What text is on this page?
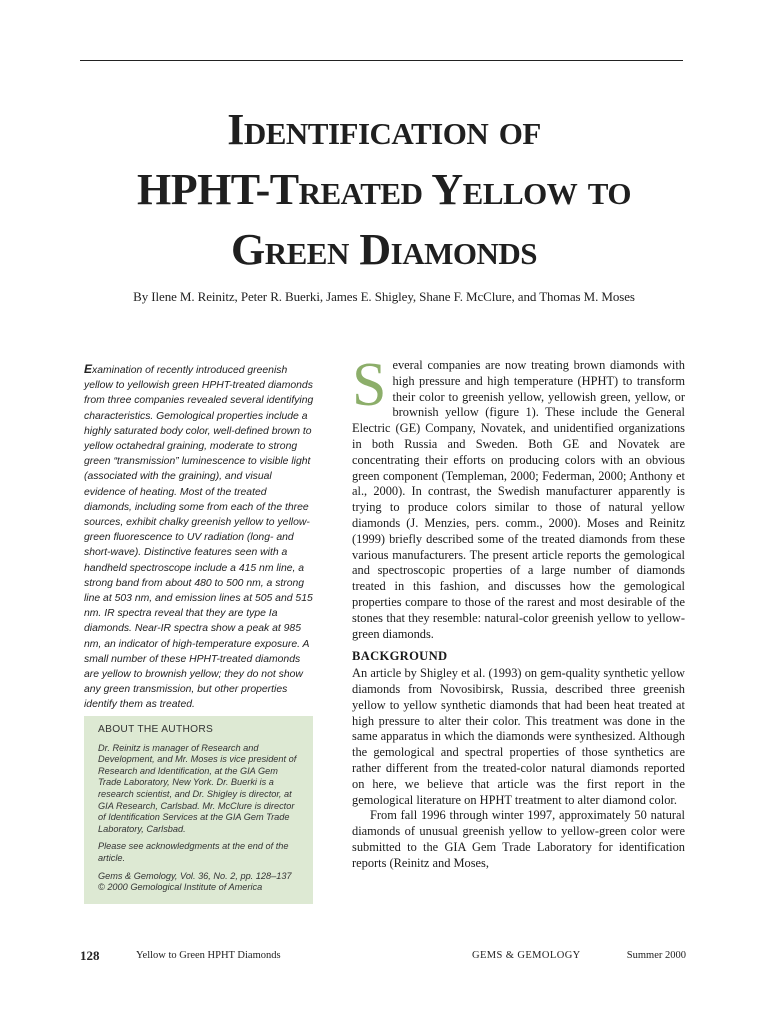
Identification of
HPHT-Treated Yellow to
Green Diamonds
By Ilene M. Reinitz, Peter R. Buerki, James E. Shigley, Shane F. McClure, and Thomas M. Moses
Examination of recently introduced greenish yellow to yellowish green HPHT-treated diamonds from three companies revealed several identifying characteristics. Gemological properties include a highly saturated body color, well-defined brown to yellow octahedral graining, moderate to strong green “transmission” luminescence to visible light (associated with the graining), and visual evidence of heating. Most of the treated diamonds, including some from each of the three sources, exhibit chalky greenish yellow to yellow-green fluorescence to UV radiation (long- and short-wave). Distinctive features seen with a handheld spectroscope include a 415 nm line, a strong band from about 480 to 500 nm, a strong line at 503 nm, and emission lines at 505 and 515 nm. IR spectra reveal that they are type Ia diamonds. Near-IR spectra show a peak at 985 nm, an indicator of high-temperature exposure. A small number of these HPHT-treated diamonds are yellow to brownish yellow; they do not show any green transmission, but other properties identify them as treated.
ABOUT THE AUTHORS

Dr. Reinitz is manager of Research and Development, and Mr. Moses is vice president of Research and Identification, at the GIA Gem Trade Laboratory, New York. Dr. Buerki is a research scientist, and Dr. Shigley is director, at GIA Research, Carlsbad. Mr. McClure is director of Identification Services at the GIA Gem Trade Laboratory, Carlsbad.

Please see acknowledgments at the end of the article.

Gems & Gemology, Vol. 36, No. 2, pp. 128–137

© 2000 Gemological Institute of America

Several companies are now treating brown diamonds with high pressure and high temperature (HPHT) to transform their color to greenish yellow, yellowish green, yellow, or brownish yellow (figure 1). These include the General Electric (GE) Company, Novatek, and unidentified organizations in both Russia and Sweden. Both GE and Novatek are concentrating their efforts on producing colors with an obvious green component (Templeman, 2000; Federman, 2000; Anthony et al., 2000). In contrast, the Swedish manufacturer apparently is trying to produce colors similar to those of natural yellow diamonds (J. Menzies, pers. comm., 2000). Moses and Reinitz (1999) briefly described some of the treated diamonds from these various manufacturers. The present article reports the gemological and spectroscopic properties of a large number of diamonds treated in this fashion, and discusses how the gemological properties compare to those of the rarest and most desirable of the stones that they resemble: natural-color greenish yellow to yellow-green diamonds.

BACKGROUND

An article by Shigley et al. (1993) on gem-quality synthetic yellow diamonds from Novosibirsk, Russia, described three greenish yellow to yellow synthetic diamonds that had been heat treated at high pressure to alter their color. This treatment was done in the same apparatus in which the diamonds were synthesized. Although the gemological and spectral properties of those synthetics are rather different from the treated-color natural diamonds reported on here, we believe that article was the first report in the gemological literature on HPHT treatment to alter diamond color.

From fall 1996 through winter 1997, approximately 50 natural diamonds of unusual greenish yellow to yellow-green color were submitted to the GIA Gem Trade Laboratory for identification reports (Reinitz and Moses,

128	Yellow to Green HPHT Diamonds	GEMS & GEMOLOGY	Summer 2000
